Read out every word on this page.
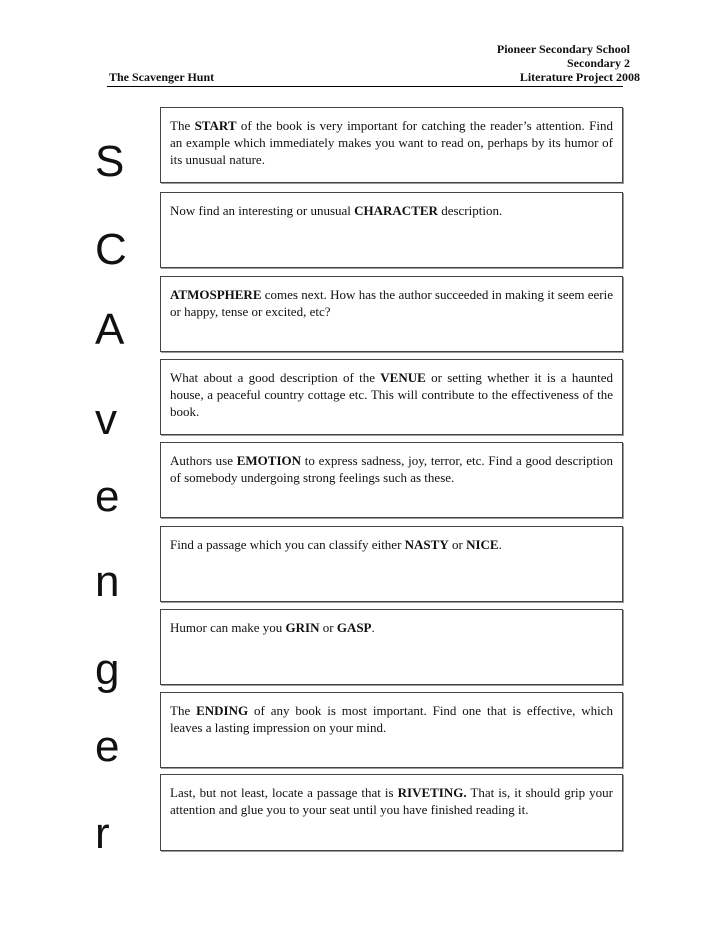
Pioneer Secondary School
Secondary 2
Literature Project 2008
The Scavenger Hunt
S
C
A
v
e
n
g
e
r
The START of the book is very important for catching the reader’s attention. Find an example which immediately makes you want to read on, perhaps by its humor of its unusual nature.
Now find an interesting or unusual CHARACTER description.
ATMOSPHERE comes next. How has the author succeeded in making it seem eerie or happy, tense or excited, etc?
What about a good description of the VENUE or setting whether it is a haunted house, a peaceful country cottage etc. This will contribute to the effectiveness of the book.
Authors use EMOTION to express sadness, joy, terror, etc. Find a good description of somebody undergoing strong feelings such as these.
Find a passage which you can classify either NASTY or NICE.
Humor can make you GRIN or GASP.
The ENDING of any book is most important. Find one that is effective, which leaves a lasting impression on your mind.
Last, but not least, locate a passage that is RIVETING. That is, it should grip your attention and glue you to your seat until you have finished reading it.
